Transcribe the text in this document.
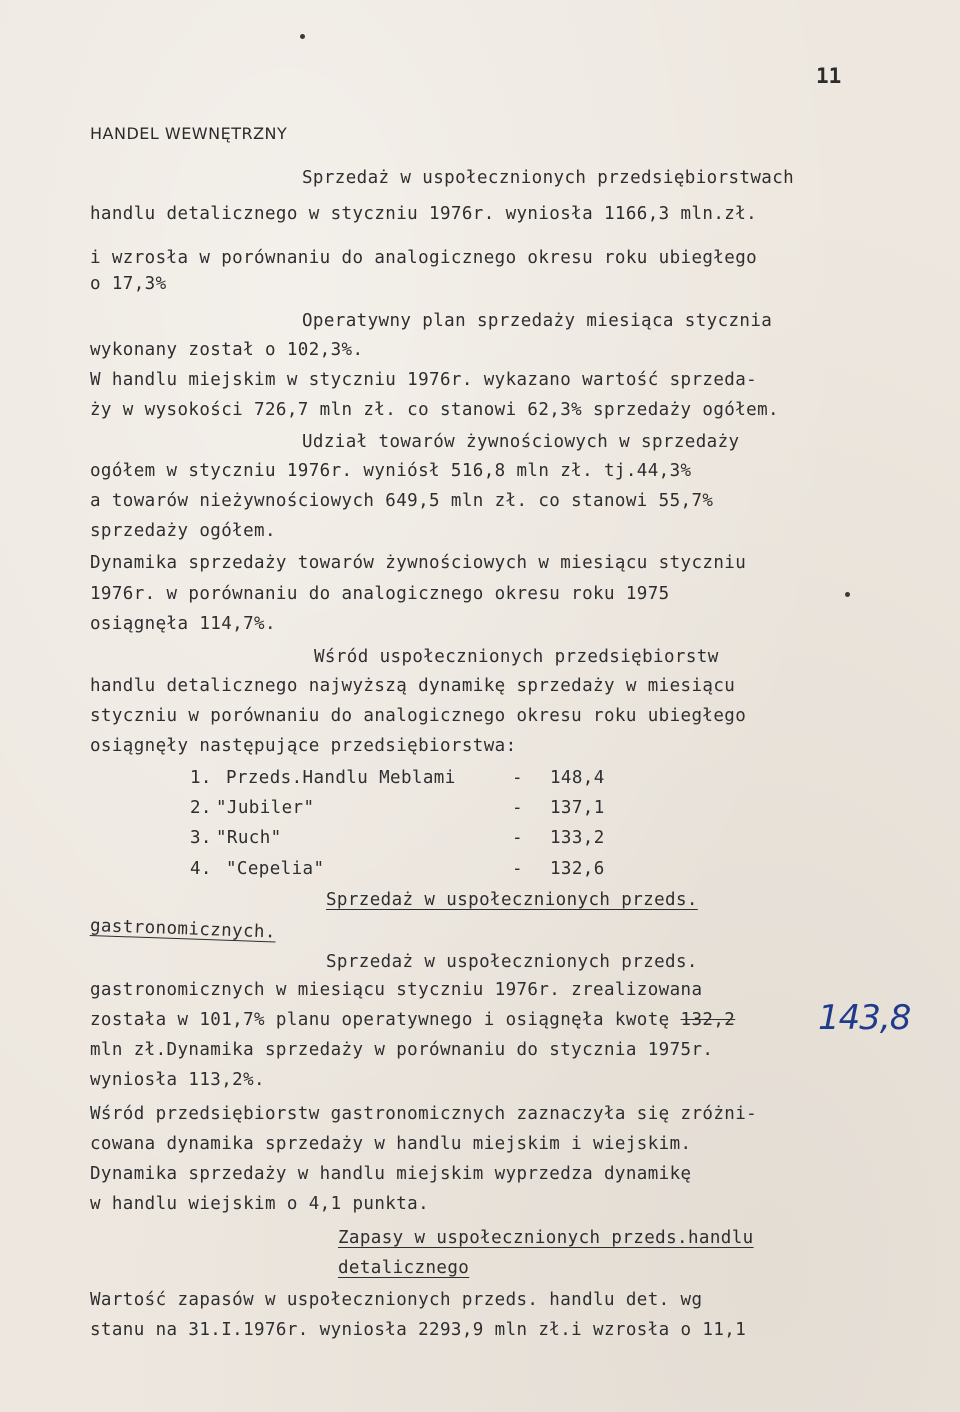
11
HANDEL WEWNĘTRZNY
Sprzedaż w uspołecznionych przedsiębiorstwach
handlu detalicznego w styczniu 1976r. wyniosła 1166,3 mln.zł.
i wzrosła w porównaniu do analogicznego okresu roku ubiegłego
o 17,3%
Operatywny plan sprzedaży miesiąca stycznia
wykonany został o 102,3%.
W handlu miejskim w styczniu 1976r. wykazano wartość sprzeda-
ży w wysokości 726,7 mln zł. co stanowi 62,3% sprzedaży ogółem.
Udział towarów żywnościowych w sprzedaży
ogółem w styczniu 1976r. wyniósł 516,8 mln zł. tj.44,3%
a towarów nieżywnościowych 649,5 mln zł. co stanowi 55,7%
sprzedaży ogółem.
Dynamika sprzedaży towarów żywnościowych w miesiącu styczniu
1976r. w porównaniu do analogicznego okresu roku 1975
osiągnęła 114,7%.
Wśród uspołecznionych przedsiębiorstw
handlu detalicznego najwyższą dynamikę sprzedaży w miesiącu
styczniu w porównaniu do analogicznego okresu roku ubiegłego
osiągnęły następujące przedsiębiorstwa:
1. Przeds.Handlu Meblami	- 148,4
2. "Jubiler"	- 137,1
3. "Ruch"	- 133,2
4. "Cepelia"	- 132,6
Sprzedaż w uspołecznionych przeds.
gastronomicznych.
Sprzedaż w uspołecznionych przeds.
gastronomicznych w miesiącu styczniu 1976r. zrealizowana
została w 101,7% planu operatywnego i osiągnęła kwotę 132,2 143,8
mln zł.Dynamika sprzedaży w porównaniu do stycznia 1975r.
wyniosła 113,2%.
Wśród przedsiębiorstw gastronomicznych zaznaczyła się zróżni-
cowana dynamika sprzedaży w handlu miejskim i wiejskim.
Dynamika sprzedaży w handlu miejskim wyprzedza dynamikę
w handlu wiejskim o 4,1 punkta.
Zapasy w uspołecznionych przeds.handlu
detalicznego
Wartość zapasów w uspołecznionych przeds. handlu det. wg
stanu na 31.I.1976r. wyniosła 2293,9 mln zł.i wzrosła o 11,1
